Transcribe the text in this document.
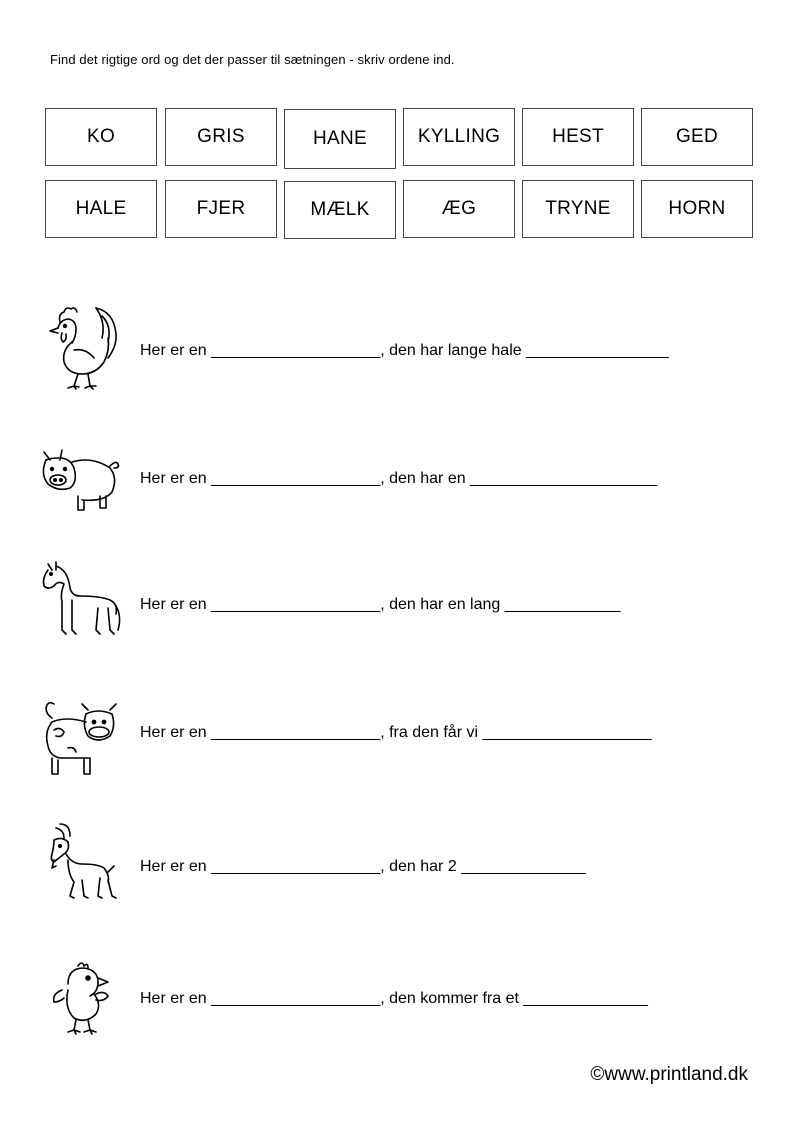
Find det rigtige ord og det der passer til sætningen - skriv ordene ind.
KO	GRIS	HANE	KYLLING	HEST	GED
HALE	FJER	MÆLK	ÆG	TRYNE	HORN
Her er en ___________________, den har lange hale ________________
Her er en ___________________, den har en _____________________
Her er en ___________________, den har en lang _____________
Her er en ___________________, fra den får vi ___________________
Her er en ___________________, den har 2 ______________
Her er en ___________________, den kommer fra et ______________
©www.printland.dk
